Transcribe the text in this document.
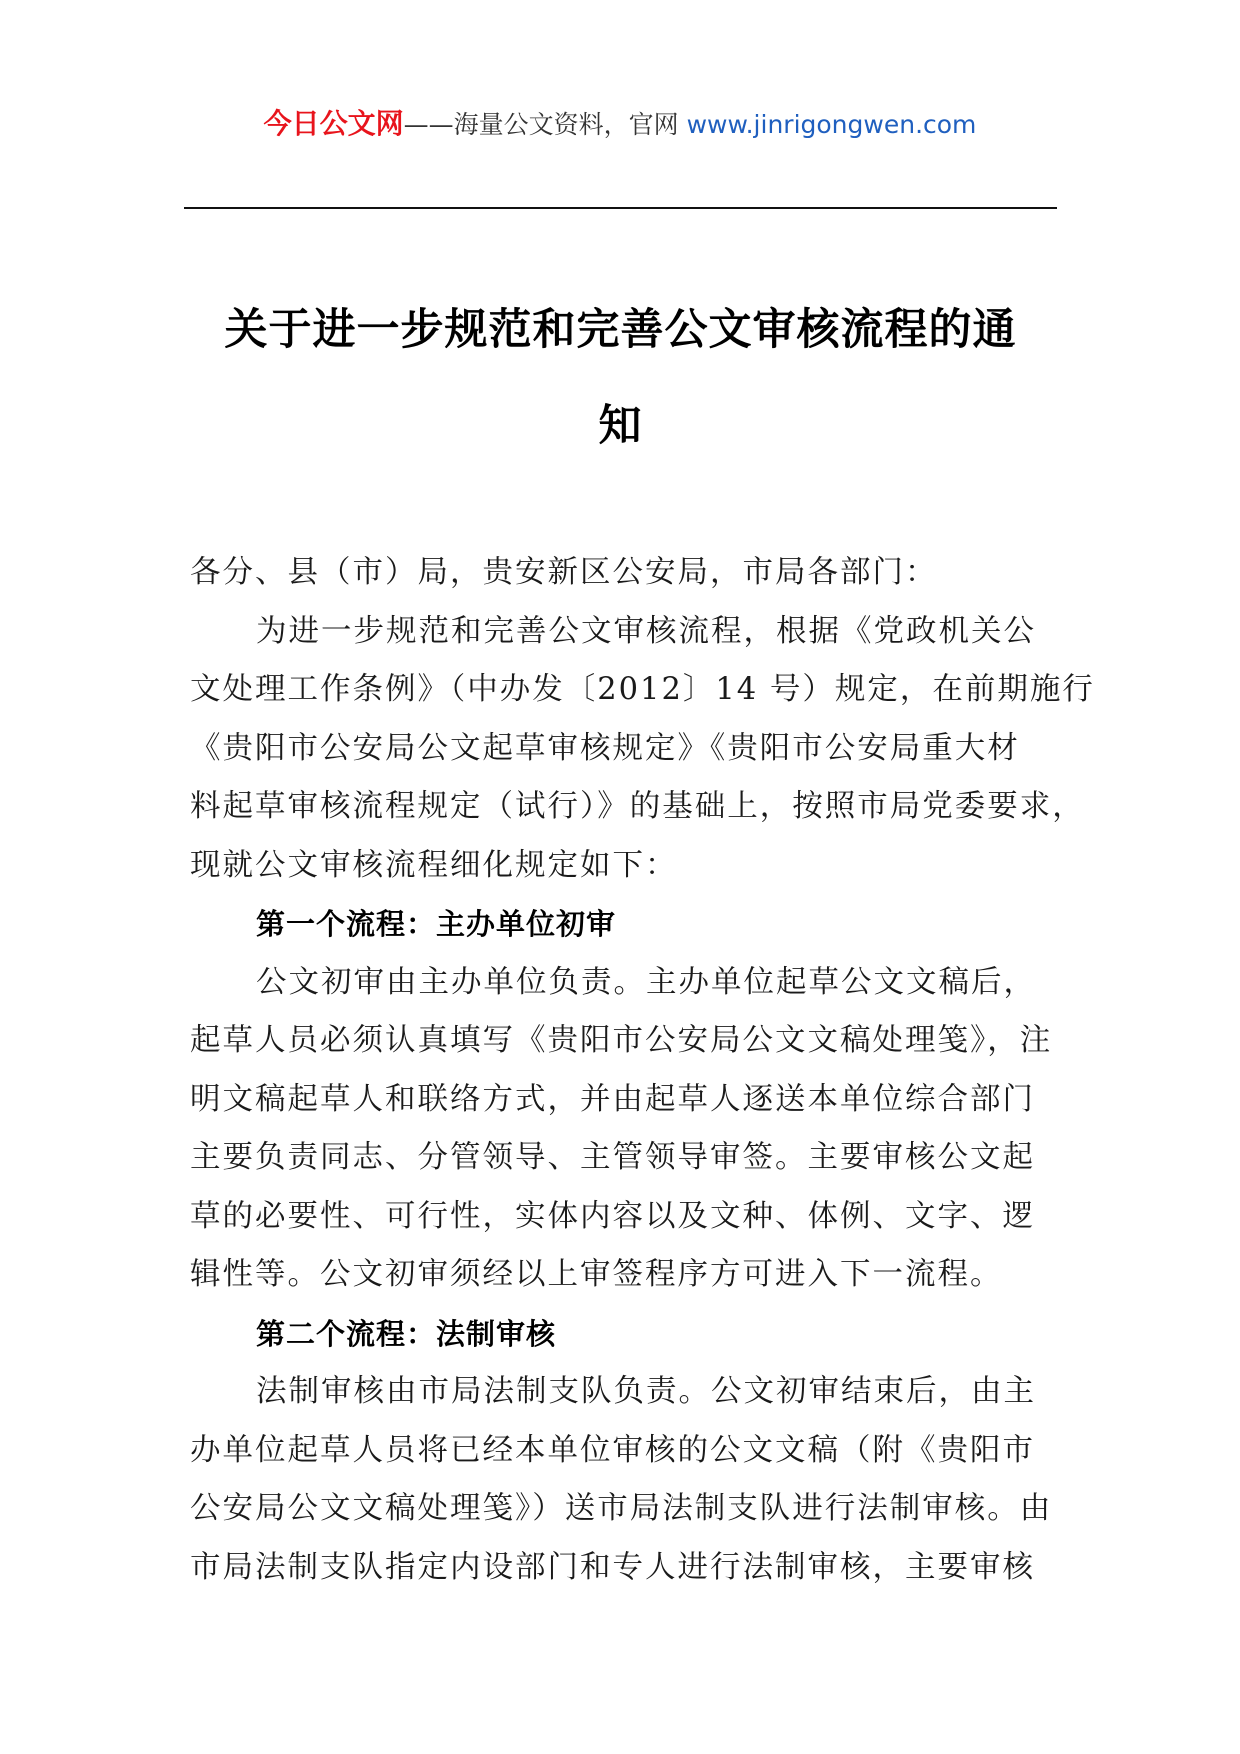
今日公文网——海量公文资料，官网 www.jinrigongwen.com
关于进一步规范和完善公文审核流程的通
知
各分、县（市）局，贵安新区公安局，市局各部门：
为进一步规范和完善公文审核流程，根据《党政机关公
文处理工作条例》（中办发〔2012〕14 号）规定，在前期施行
《贵阳市公安局公文起草审核规定》《贵阳市公安局重大材
料起草审核流程规定（试行）》的基础上，按照市局党委要求，
现就公文审核流程细化规定如下：
第一个流程：主办单位初审
公文初审由主办单位负责。主办单位起草公文文稿后，
起草人员必须认真填写《贵阳市公安局公文文稿处理笺》，注
明文稿起草人和联络方式，并由起草人逐送本单位综合部门
主要负责同志、分管领导、主管领导审签。主要审核公文起
草的必要性、可行性，实体内容以及文种、体例、文字、逻
辑性等。公文初审须经以上审签程序方可进入下一流程。
第二个流程：法制审核
法制审核由市局法制支队负责。公文初审结束后，由主
办单位起草人员将已经本单位审核的公文文稿（附《贵阳市
公安局公文文稿处理笺》）送市局法制支队进行法制审核。由
市局法制支队指定内设部门和专人进行法制审核，主要审核
